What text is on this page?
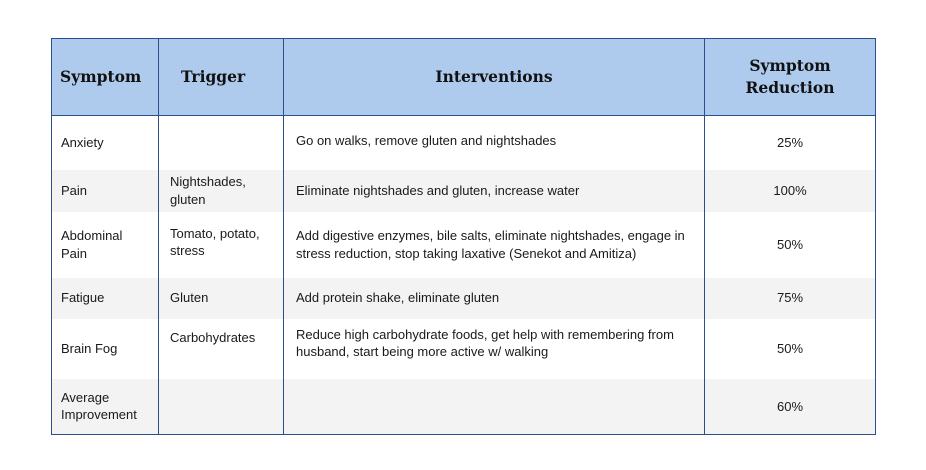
Symptom	Trigger	Interventions	Symptom Reduction
Anxiety		Go on walks, remove gluten and nightshades	25%
Pain	Nightshades, gluten	Eliminate nightshades and gluten, increase water	100%
Abdominal Pain	Tomato, potato, stress	Add digestive enzymes, bile salts, eliminate nightshades, engage in stress reduction, stop taking laxative (Senekot and Amitiza)	50%
Fatigue	Gluten	Add protein shake, eliminate gluten	75%
Brain Fog	Carbohydrates	Reduce high carbohydrate foods, get help with remembering from husband, start being more active w/ walking	50%
Average Improvement			60%
